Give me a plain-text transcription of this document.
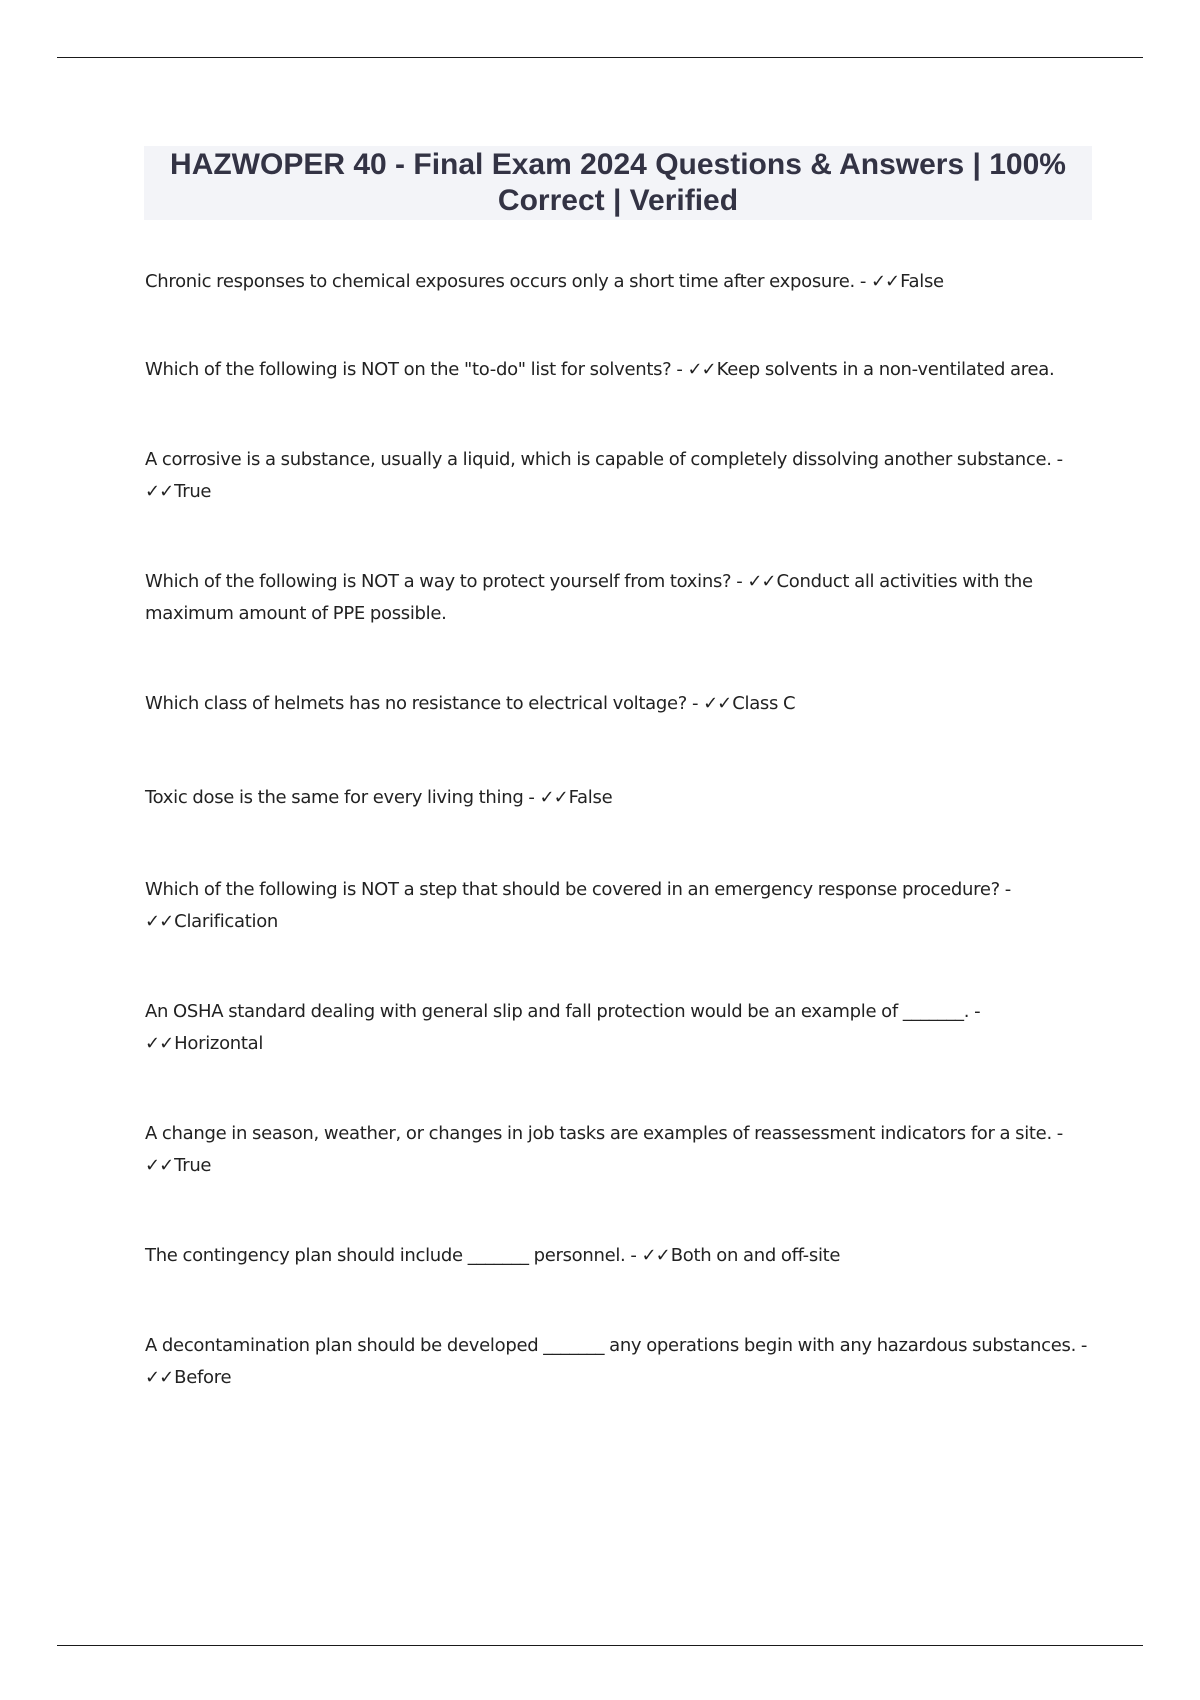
HAZWOPER 40 - Final Exam 2024 Questions & Answers | 100% Correct | Verified
Chronic responses to chemical exposures occurs only a short time after exposure. - ✓✓False
Which of the following is NOT on the "to-do" list for solvents? - ✓✓Keep solvents in a non-ventilated area.
A corrosive is a substance, usually a liquid, which is capable of completely dissolving another substance. - ✓✓True
Which of the following is NOT a way to protect yourself from toxins? - ✓✓Conduct all activities with the maximum amount of PPE possible.
Which class of helmets has no resistance to electrical voltage? - ✓✓Class C
Toxic dose is the same for every living thing - ✓✓False
Which of the following is NOT a step that should be covered in an emergency response procedure? - ✓✓Clarification
An OSHA standard dealing with general slip and fall protection would be an example of _______. - ✓✓Horizontal
A change in season, weather, or changes in job tasks are examples of reassessment indicators for a site. - ✓✓True
The contingency plan should include _______ personnel. - ✓✓Both on and off-site
A decontamination plan should be developed _______ any operations begin with any hazardous substances. - ✓✓Before
